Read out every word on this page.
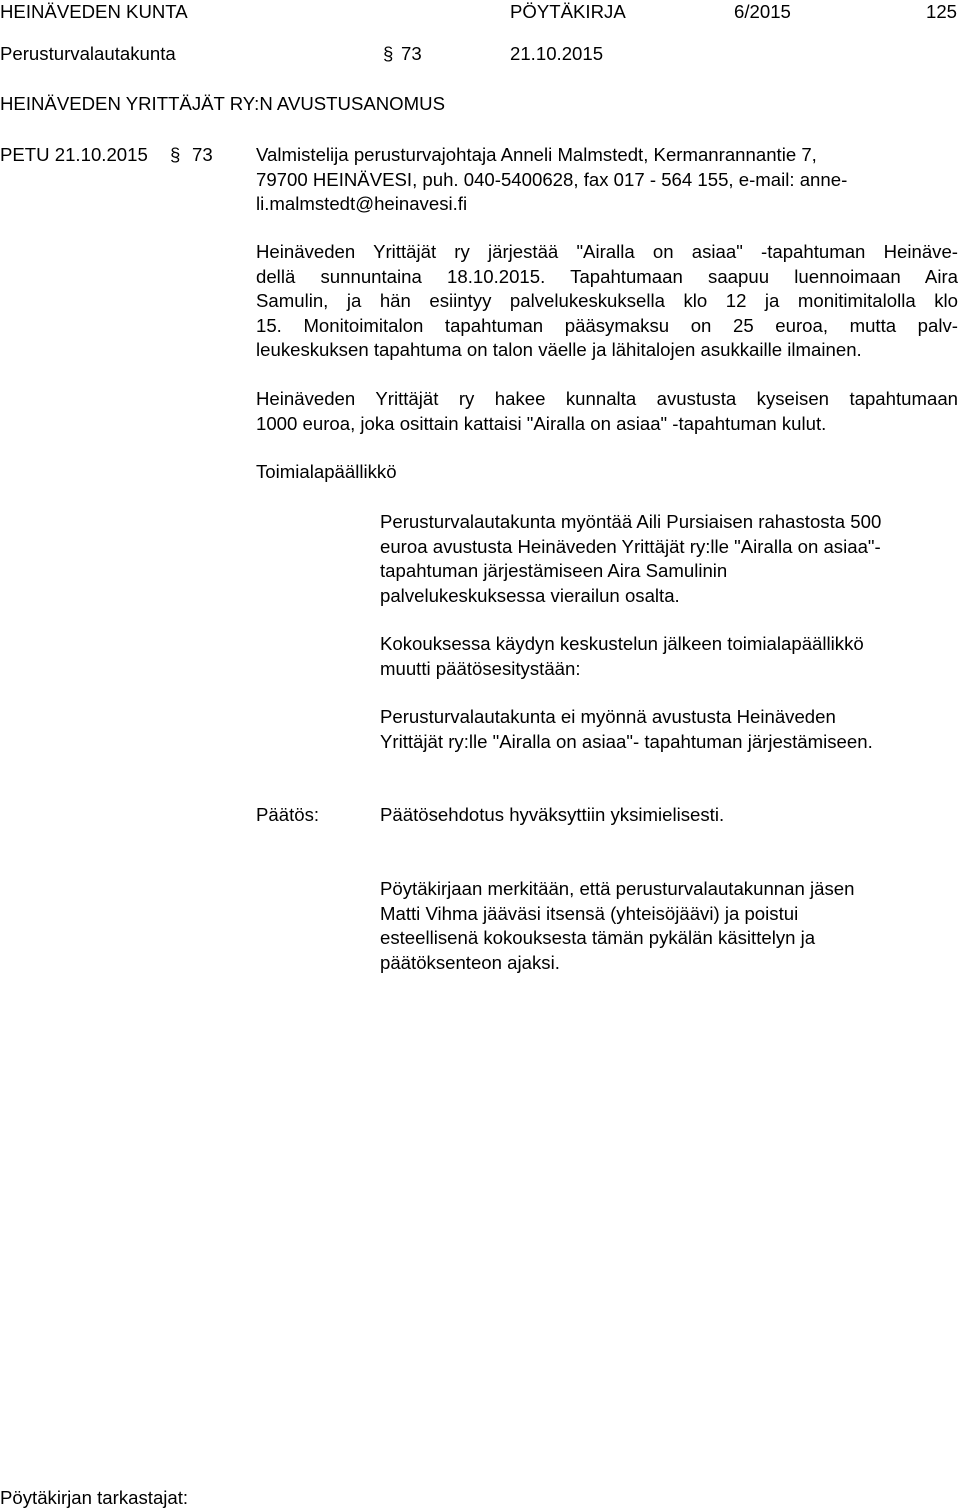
HEINÄVEDEN KUNTA	PÖYTÄKIRJA	6/2015	125
Perusturvalautakunta	§ 73	21.10.2015
HEINÄVEDEN YRITTÄJÄT RY:N AVUSTUSANOMUS
PETU 21.10.2015 § 73 Valmistelija perusturvajohtaja Anneli Malmstedt, Kermanrannantie 7,
79700 HEINÄVESI, puh. 040-5400628, fax 017 - 564 155, e-mail: anne-
li.malmstedt@heinavesi.fi
Heinäveden Yrittäjät ry järjestää "Airalla on asiaa" -tapahtuman Heinäve-
dellä sunnuntaina 18.10.2015. Tapahtumaan saapuu luennoimaan Aira
Samulin, ja hän esiintyy palvelukeskuksella klo 12 ja monitimitalolla klo
15. Monitoimitalon tapahtuman pääsymaksu on 25 euroa, mutta palv-
leukeskuksen tapahtuma on talon väelle ja lähitalojen asukkaille ilmainen.
Heinäveden Yrittäjät ry hakee kunnalta avustusta kyseisen tapahtumaan
1000 euroa, joka osittain kattaisi "Airalla on asiaa" -tapahtuman kulut.
Toimialapäällikkö
Perusturvalautakunta myöntää Aili Pursiaisen rahastosta 500
euroa avustusta Heinäveden Yrittäjät ry:lle "Airalla on asiaa"-
tapahtuman järjestämiseen Aira Samulinin
palvelukeskuksessa vierailun osalta.
Kokouksessa käydyn keskustelun jälkeen toimialapäällikkö
muutti päätösesitystään:
Perusturvalautakunta ei myönnä avustusta Heinäveden
Yrittäjät ry:lle "Airalla on asiaa"- tapahtuman järjestämiseen.
Päätös:	Päätösehdotus hyväksyttiin yksimielisesti.
Pöytäkirjaan merkitään, että perusturvalautakunnan jäsen
Matti Vihma jääväsi itsensä (yhteisöjäävi) ja poistui
esteellisenä kokouksesta tämän pykälän käsittelyn ja
päätöksenteon ajaksi.
Pöytäkirjan tarkastajat:
